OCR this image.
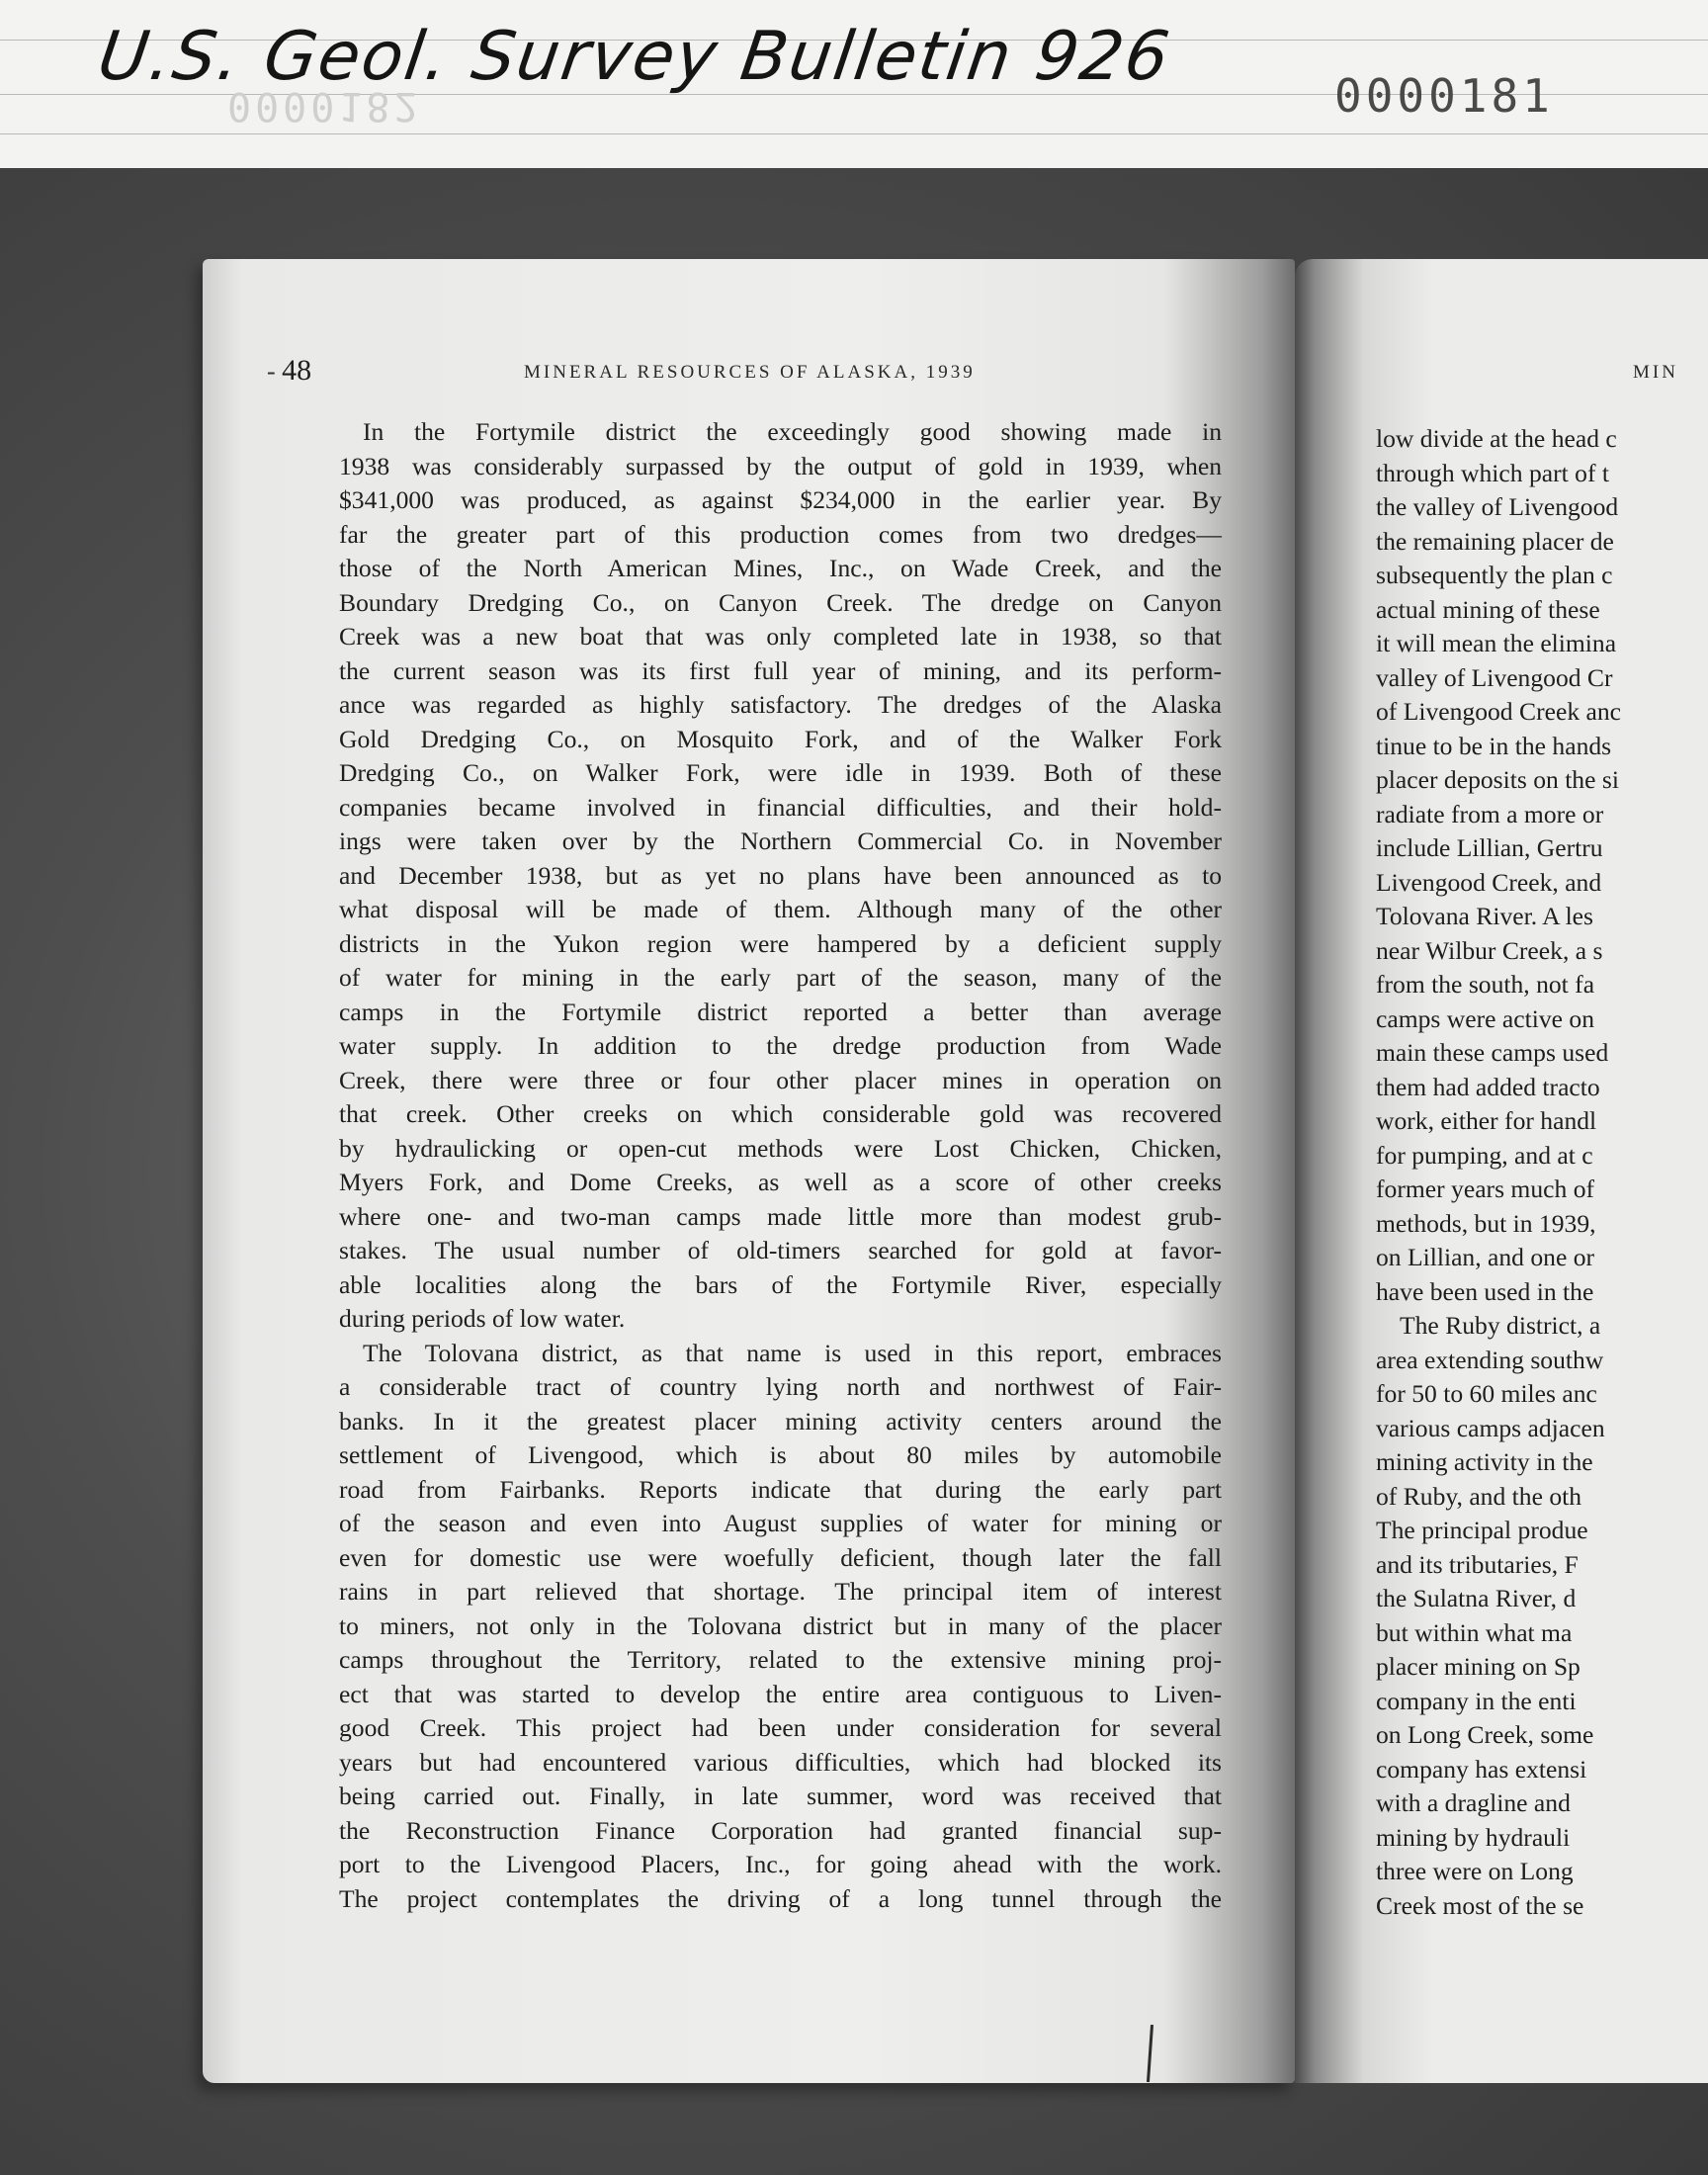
U.S. Geol. Survey Bulletin 926
0000182	0000181
- 48	MINERAL RESOURCES OF ALASKA, 1939	MIN
In the Fortymile district the exceedingly good showing made in
1938 was considerably surpassed by the output of gold in 1939, when
$341,000 was produced, as against $234,000 in the earlier year. By
far the greater part of this production comes from two dredges—
those of the North American Mines, Inc., on Wade Creek, and the
Boundary Dredging Co., on Canyon Creek. The dredge on Canyon
Creek was a new boat that was only completed late in 1938, so that
the current season was its first full year of mining, and its perform-
ance was regarded as highly satisfactory. The dredges of the Alaska
Gold Dredging Co., on Mosquito Fork, and of the Walker Fork
Dredging Co., on Walker Fork, were idle in 1939. Both of these
companies became involved in financial difficulties, and their hold-
ings were taken over by the Northern Commercial Co. in November
and December 1938, but as yet no plans have been announced as to
what disposal will be made of them. Although many of the other
districts in the Yukon region were hampered by a deficient supply
of water for mining in the early part of the season, many of the
camps in the Fortymile district reported a better than average
water supply. In addition to the dredge production from Wade
Creek, there were three or four other placer mines in operation on
that creek. Other creeks on which considerable gold was recovered
by hydraulicking or open-cut methods were Lost Chicken, Chicken,
Myers Fork, and Dome Creeks, as well as a score of other creeks
where one- and two-man camps made little more than modest grub-
stakes. The usual number of old-timers searched for gold at favor-
able localities along the bars of the Fortymile River, especially
during periods of low water.
The Tolovana district, as that name is used in this report, embraces
a considerable tract of country lying north and northwest of Fair-
banks. In it the greatest placer mining activity centers around the
settlement of Livengood, which is about 80 miles by automobile
road from Fairbanks. Reports indicate that during the early part
of the season and even into August supplies of water for mining or
even for domestic use were woefully deficient, though later the fall
rains in part relieved that shortage. The principal item of interest
to miners, not only in the Tolovana district but in many of the placer
camps throughout the Territory, related to the extensive mining proj-
ect that was started to develop the entire area contiguous to Liven-
good Creek. This project had been under consideration for several
years but had encountered various difficulties, which had blocked its
being carried out. Finally, in late summer, word was received that
the Reconstruction Finance Corporation had granted financial sup-
port to the Livengood Placers, Inc., for going ahead with the work.
The project contemplates the driving of a long tunnel through the
low divide at the head c
through which part of t
the valley of Livengood
the remaining placer de
subsequently the plan c
actual mining of these
it will mean the elimina
valley of Livengood Cr
of Livengood Creek anc
tinue to be in the hands
placer deposits on the si
radiate from a more or
include Lillian, Gertru
Livengood Creek, and
Tolovana River. A les
near Wilbur Creek, a s
from the south, not fa
camps were active on
main these camps used
them had added tracto
work, either for handl
for pumping, and at c
former years much of
methods, but in 1939,
on Lillian, and one or
have been used in the
The Ruby district, a
area extending southw
for 50 to 60 miles anc
various camps adjacen
mining activity in the
of Ruby, and the oth
The principal produe
and its tributaries, F
the Sulatna River, d
but within what ma
placer mining on Sp
company in the enti
on Long Creek, some
company has extensi
with a dragline and
mining by hydrauli
three were on Long
Creek most of the se
